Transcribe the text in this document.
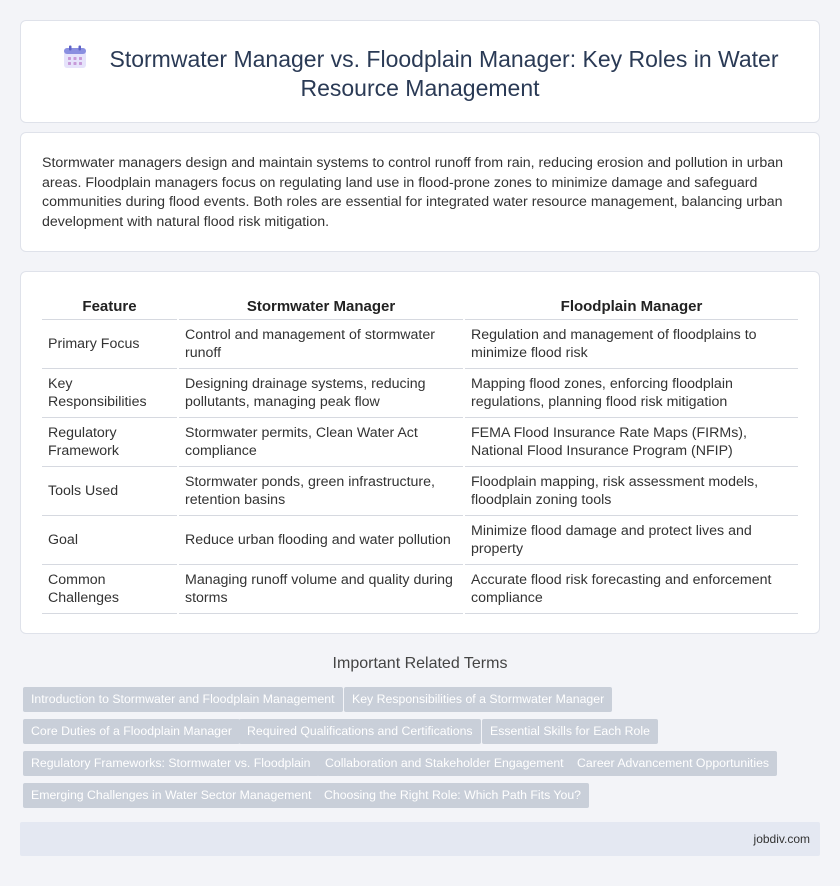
Stormwater Manager vs. Floodplain Manager: Key Roles in Water
Resource Management

Stormwater managers design and maintain systems to control runoff from rain, reducing erosion and pollution in urban areas. Floodplain managers focus on regulating land use in flood-prone zones to minimize damage and safeguard communities during flood events. Both roles are essential for integrated water resource management, balancing urban development with natural flood risk mitigation.

Feature	Stormwater Manager	Floodplain Manager
Primary Focus	Control and management of stormwater runoff	Regulation and management of floodplains to minimize flood risk
Key Responsibilities	Designing drainage systems, reducing pollutants, managing peak flow	Mapping flood zones, enforcing floodplain regulations, planning flood risk mitigation
Regulatory Framework	Stormwater permits, Clean Water Act compliance	FEMA Flood Insurance Rate Maps (FIRMs), National Flood Insurance Program (NFIP)
Tools Used	Stormwater ponds, green infrastructure, retention basins	Floodplain mapping, risk assessment models, floodplain zoning tools
Goal	Reduce urban flooding and water pollution	Minimize flood damage and protect lives and property
Common Challenges	Managing runoff volume and quality during storms	Accurate flood risk forecasting and enforcement compliance
Important Related Terms
Introduction to Stormwater and Floodplain Management	Key Responsibilities of a Stormwater Manager
Core Duties of a Floodplain Manager	Required Qualifications and Certifications	Essential Skills for Each Role
Regulatory Frameworks: Stormwater vs. Floodplain	Collaboration and Stakeholder Engagement	Career Advancement Opportunities
Emerging Challenges in Water Sector Management	Choosing the Right Role: Which Path Fits You?
jobdiv.com
